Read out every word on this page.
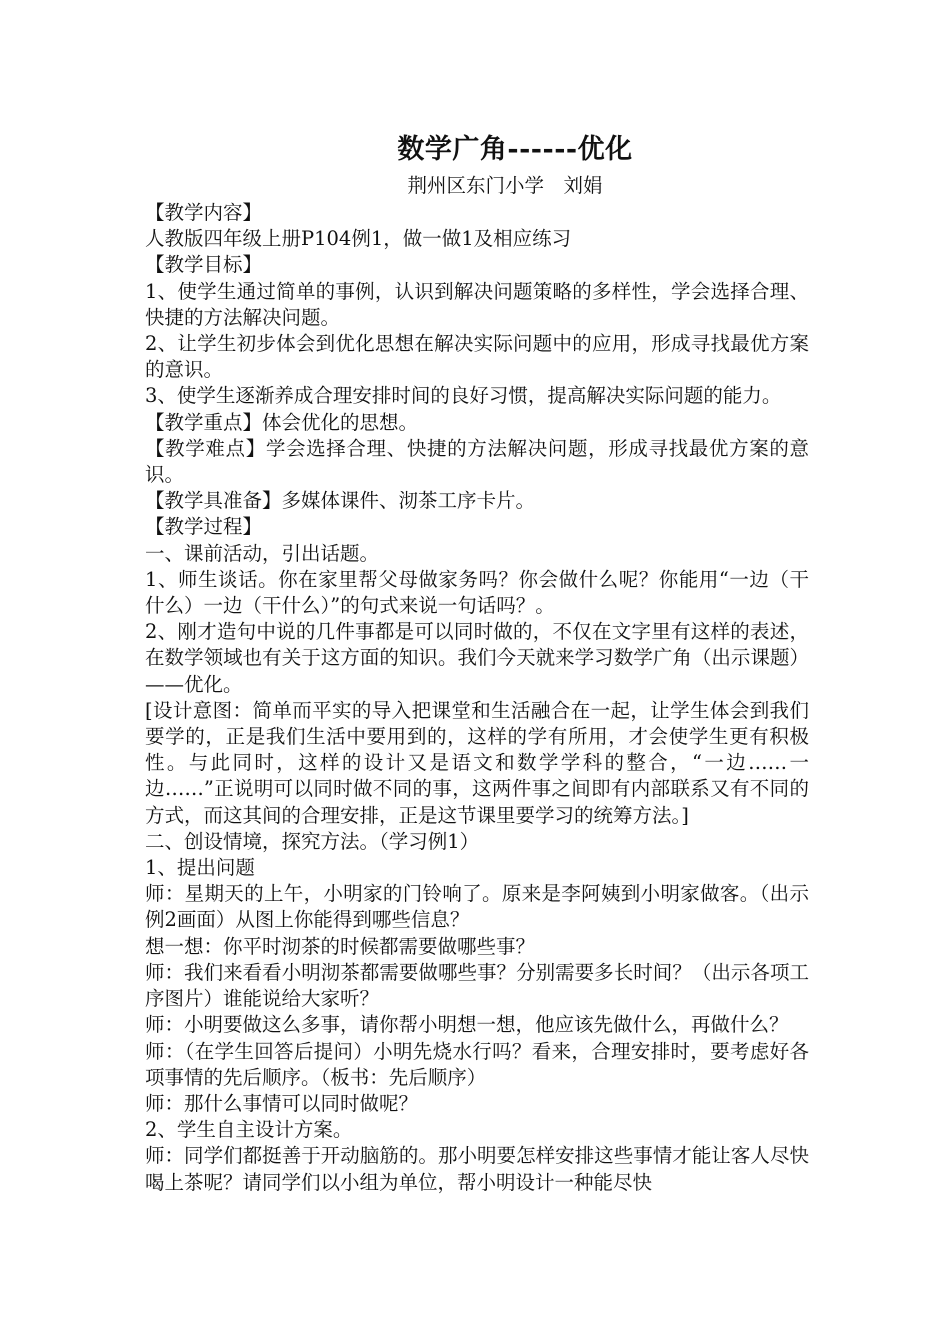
数学广角------优化
荆州区东门小学　刘娟

【教学内容】

人教版四年级上册P104例1，做一做1及相应练习

【教学目标】

1、使学生通过简单的事例，认识到解决问题策略的多样性，学会选择合理、快捷的方法解决问题。

2、让学生初步体会到优化思想在解决实际问题中的应用，形成寻找最优方案的意识。

3、使学生逐渐养成合理安排时间的良好习惯，提高解决实际问题的能力。

【教学重点】体会优化的思想。

【教学难点】学会选择合理、快捷的方法解决问题，形成寻找最优方案的意识。

【教学具准备】多媒体课件、沏茶工序卡片。

【教学过程】

一、课前活动，引出话题。

1、师生谈话。你在家里帮父母做家务吗？你会做什么呢？你能用“一边（干什么）一边（干什么）”的句式来说一句话吗？。

2、刚才造句中说的几件事都是可以同时做的，不仅在文字里有这样的表述，在数学领域也有关于这方面的知识。我们今天就来学习数学广角（出示课题）——优化。

[设计意图：简单而平实的导入把课堂和生活融合在一起，让学生体会到我们要学的，正是我们生活中要用到的，这样的学有所用，才会使学生更有积极性。与此同时，这样的设计又是语文和数学学科的整合，“一边……一边……”正说明可以同时做不同的事，这两件事之间即有内部联系又有不同的方式，而这其间的合理安排，正是这节课里要学习的统筹方法。]

二、创设情境，探究方法。（学习例1）

1、提出问题

师：星期天的上午，小明家的门铃响了。原来是李阿姨到小明家做客。（出示例2画面）从图上你能得到哪些信息？

想一想：你平时沏茶的时候都需要做哪些事？

师：我们来看看小明沏茶都需要做哪些事？分别需要多长时间？（出示各项工序图片）谁能说给大家听？

师：小明要做这么多事，请你帮小明想一想，他应该先做什么，再做什么？

师：（在学生回答后提问）小明先烧水行吗？看来，合理安排时，要考虑好各项事情的先后顺序。（板书：先后顺序）

师：那什么事情可以同时做呢？

2、学生自主设计方案。

师：同学们都挺善于开动脑筋的。那小明要怎样安排这些事情才能让客人尽快喝上茶呢？请同学们以小组为单位，帮小明设计一种能尽快
